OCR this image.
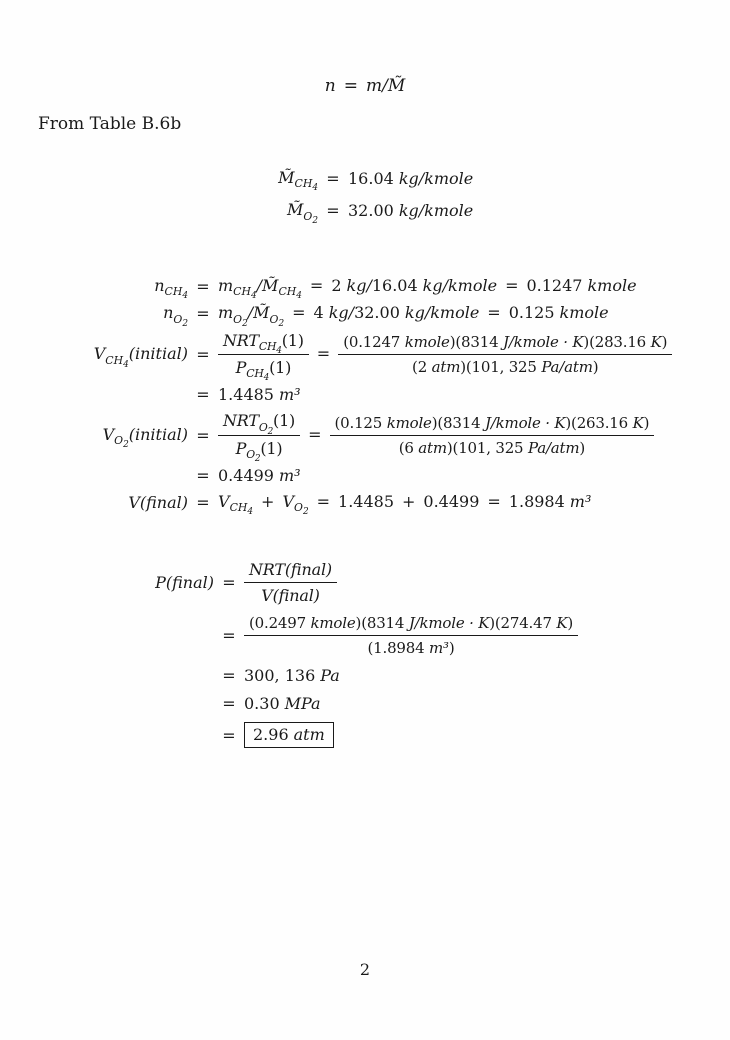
n = m/M̃
From Table B.6b
$M̃_{CH_4}$
= 16.04 kg/kmole
$M̃_{O_2}$
= 32.00 kg/kmole
$n_{CH_4}$
= $m_{CH_4}/M̃_{CH_4}= 2$ kg/16.04 kg/kmole = 0.1247 kmole
$n_{O_2}$
= $m_{O_2}/M̃_{O_2}= 4$ kg/32.00 kg/kmole = 0.125 kmole
$V_{CH_4}(initial) = \frac{NRT_{CH_4}(1)}{P_{CH_4}(1)} = \frac{\text{(0.1247 kmole)(8314 J/kmole · K)(283.16 K)}}{\text{(2 atm)(101, 325 Pa/atm)}}$
= 1.4485 m³
$V_{O_2}(initial) = \frac{NRT_{O_2}(1)}{P_{O_2}(1)} = \frac{\text{(0.125 kmole)(8314 J/kmole · K)(263.16 K)}}{\text{(6 atm)(101, 325 Pa/atm)}}$
= 0.4499 m³
V(final) = $V_{CH_4}+ V_{O_2}= 1.4485 + 0.4499 = 1.8984$ m³
P(final) = $\frac{\text{NRT(final)}}{\text{V(final)}}$
= $\frac{\text{(0.2497 kmole)(8314 J/kmole · K)(274.47 K)}}{\text{(1.8984 m³)}}$
= 300, 136 Pa
= 0.30 MPa
=	2.96 atm
2
